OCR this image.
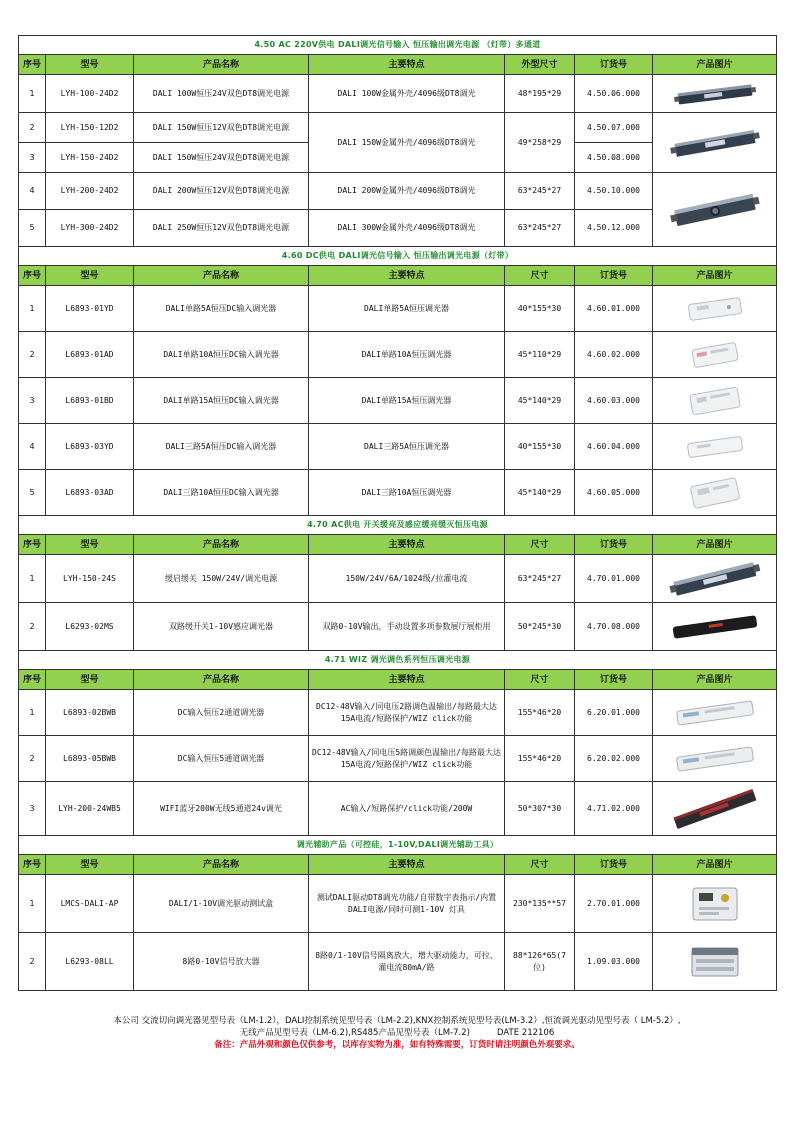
4.50 AC 220V供电 DALI调光信号输入 恒压输出调光电源 （灯带）多通道						
序号	型号	产品名称	主要特点	外型尺寸	订货号	产品图片
1	LYH-100-24D2	DALI 100W恒压24V双色DT8调光电源	DALI 100W金属外壳/4096级DT8调光	48*195*29	4.50.06.000	

2	LYH-150-12D2	DALI 150W恒压12V双色DT8调光电源	DALI 150W金属外壳/4096级DT8调光	49*258*29	4.50.07.000	

3	LYH-150-24D2	DALI 150W恒压24V双色DT8调光电源			4.50.08.000	
4	LYH-200-24D2	DALI 200W恒压12V双色DT8调光电源	DALI 200W金属外壳/4096级DT8调光	63*245*27	4.50.10.000	

5	LYH-300-24D2	DALI 250W恒压12V双色DT8调光电源	DALI 300W金属外壳/4096级DT8调光	63*245*27	4.50.12.000	
4.60 DC供电 DALI调光信号输入 恒压输出调光电源（灯带）						
序号	型号	产品名称	主要特点	尺寸	订货号	产品图片
1	L6893-01YD	DALI单路5A恒压DC输入调光器	DALI单路5A恒压调光器	40*155*30	4.60.01.000	

2	L6893-01AD	DALI单路10A恒压DC输入调光器	DALI单路10A恒压调光器	45*110*29	4.60.02.000	

3	L6893-01BD	DALI单路15A恒压DC输入调光器	DALI单路15A恒压调光器	45*140*29	4.60.03.000	

4	L6893-03YD	DALI三路5A恒压DC输入调光器	DALI三路5A恒压调光器	40*155*30	4.60.04.000	

5	L6893-03AD	DALI三路10A恒压DC输入调光器	DALI三路10A恒压调光器	45*140*29	4.60.05.000	

4.70 AC供电 开关缓亮及感应缓亮缓灭恒压电源						
序号	型号	产品名称	主要特点	尺寸	订货号	产品图片
1	LYH-150-24S	缓启缓关 150W/24V/调光电源	150W/24V/6A/1024级/拉灌电流	63*245*27	4.70.01.000	

2	L6293-02MS	双路缓开关1-10V感应调光器	双路0-10V输出，手动设置多项参数展厅展柜用	50*245*30	4.70.08.000	

4.71 WIZ 调光调色系列恒压调光电源						
序号	型号	产品名称	主要特点	尺寸	订货号	产品图片
1	L6893-02BWB	DC输入恒压2通道调光器	DC12-48V输入/同电压2路调色温输出/每路最大达15A电流/短路保护/WIZ click功能	155*46*20	6.20.01.000	

2	L6893-05BWB	DC输入恒压5通道调光器	DC12-48V输入/同电压5路调颜色温输出/每路最大达15A电流/短路保护/WIZ click功能	155*46*20	6.20.02.000	

3	LYH-200-24WB5	WIFI蓝牙200W无线5通道24v调光	AC输入/短路保护/click功能/200W	50*307*30	4.71.02.000	

调光辅助产品（可控硅，1-10V,DALI调光辅助工具）						
序号	型号	产品名称	主要特点	尺寸	订货号	产品图片
1	LMCS-DALI-AP	DALI/1-10V调光驱动测试盒	测试DALI驱动DT8调光功能/自带数字表指示/内置DALI电源/同时可测1-10V 灯具	230*135**57	2.70.01.000	

2	L6293-08LL	8路0-10V信号放大器	8路0/1-10V信号隔离放大，增大驱动能力，可拉、灌电流80mA/路	88*126*65(7位)	1.09.03.000	
本公司 交流切向调光器见型号表（LM-1.2），DALI控制系统见型号表（LM-2.2),KNX控制系统见型号表(LM-3.2）,恒流调光驱动见型号表（ LM-5.2）,
无线产品见型号表（LM-6.2),RS485产品见型号表（LM-7.2)	DATE 212106
备注：产品外观和颜色仅供参考，以库存实物为准，如有特殊需要，订货时请注明颜色外观要求。
